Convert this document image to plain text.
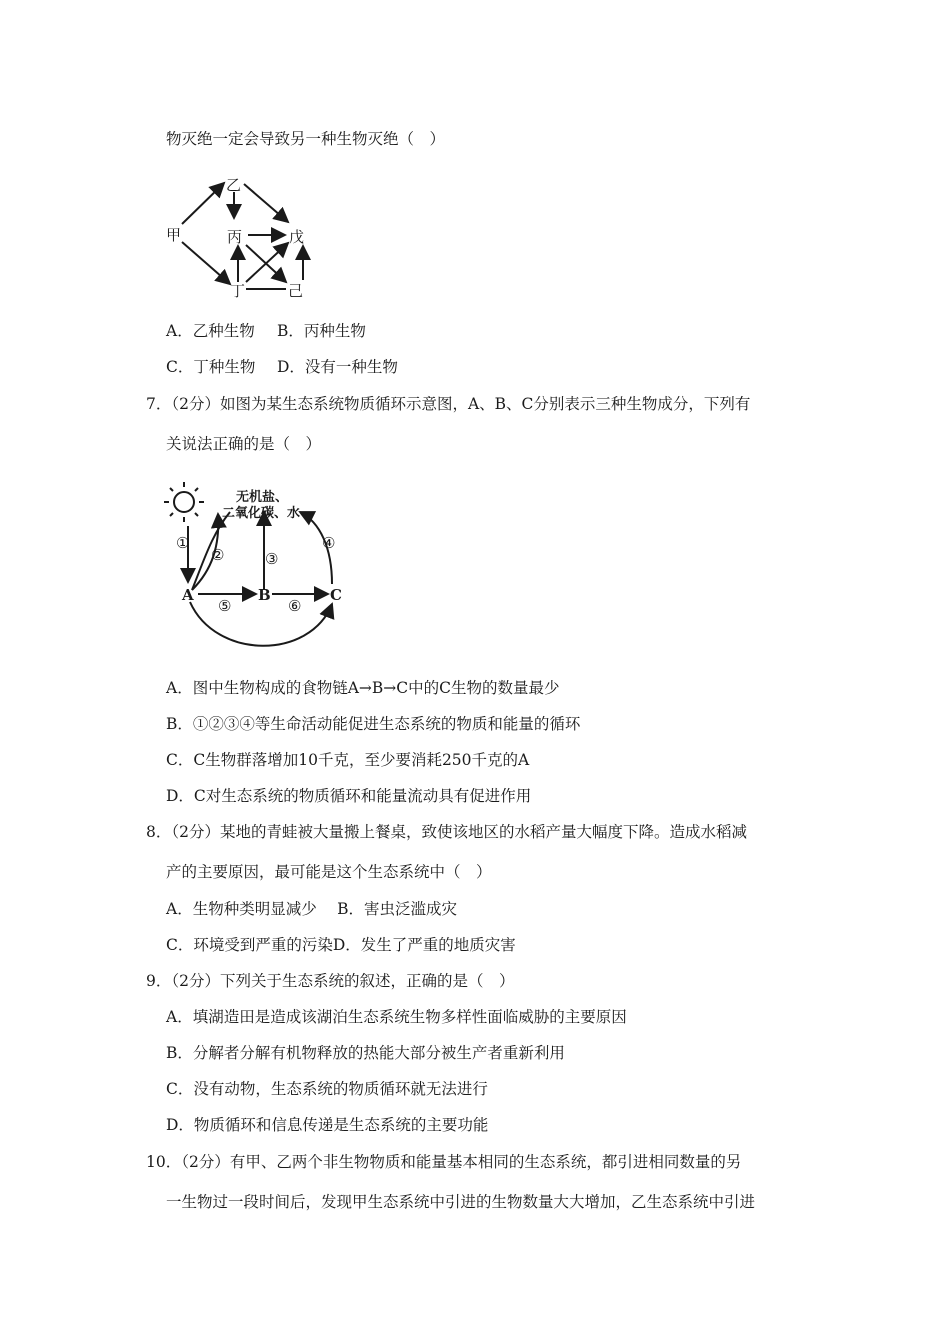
物灭绝一定会导致另一种生物灭绝（　）
乙
甲	丙	戊
丁	己
A．乙种生物 B．丙种生物
C．丁种生物 D．没有一种生物
7．（2分）如图为某生态系统物质循环示意图，A、B、C分别表示三种生物成分，下列有
关说法正确的是（　）
无机盐、
二氧化碳、水
①
②	③
④
⑤	⑥
A	B	C
A．图中生物构成的食物链A→B→C中的C生物的数量最少
B．①②③④等生命活动能促进生态系统的物质和能量的循环
C．C生物群落增加10千克，至少要消耗250千克的A
D．C对生态系统的物质循环和能量流动具有促进作用
8．（2分）某地的青蛙被大量搬上餐桌，致使该地区的水稻产量大幅度下降。造成水稻减
产的主要原因，最可能是这个生态系统中（　）
A．生物种类明显减少　 B．害虫泛滥成灾
C．环境受到严重的污染D．发生了严重的地质灾害
9．（2分）下列关于生态系统的叙述，正确的是（　）
A．填湖造田是造成该湖泊生态系统生物多样性面临威胁的主要原因
B．分解者分解有机物释放的热能大部分被生产者重新利用
C．没有动物，生态系统的物质循环就无法进行
D．物质循环和信息传递是生态系统的主要功能
10．（2分）有甲、乙两个非生物物质和能量基本相同的生态系统，都引进相同数量的另
一生物过一段时间后，发现甲生态系统中引进的生物数量大大增加，乙生态系统中引进
